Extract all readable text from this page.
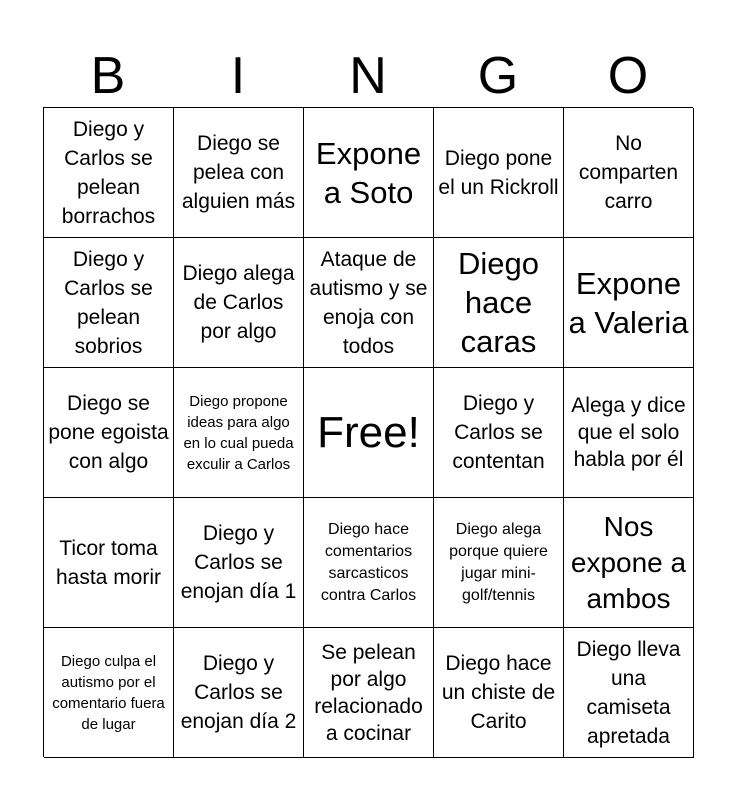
B	I	N	G	O
Diego y Carlos se pelean borrachos
Diego se pelea con alguien más
Expone a Soto
Diego pone el un Rickroll
No comparten carro
Diego y Carlos se pelean sobrios
Diego alega de Carlos por algo
Ataque de autismo y se enoja con todos
Diego hace caras
Expone a Valeria
Diego se pone egoista con algo
Diego propone ideas para algo en lo cual pueda exculir a Carlos
Free!
Diego y Carlos se contentan
Alega y dice que el solo habla por él
Ticor toma hasta morir
Diego y Carlos se enojan día 1
Diego hace comentarios sarcasticos contra Carlos
Diego alega porque quiere jugar mini-golf/tennis
Nos expone a ambos
Diego culpa el autismo por el comentario fuera de lugar
Diego y Carlos se enojan día 2
Se pelean por algo relacionado a cocinar
Diego hace un chiste de Carito
Diego lleva una camiseta apretada
